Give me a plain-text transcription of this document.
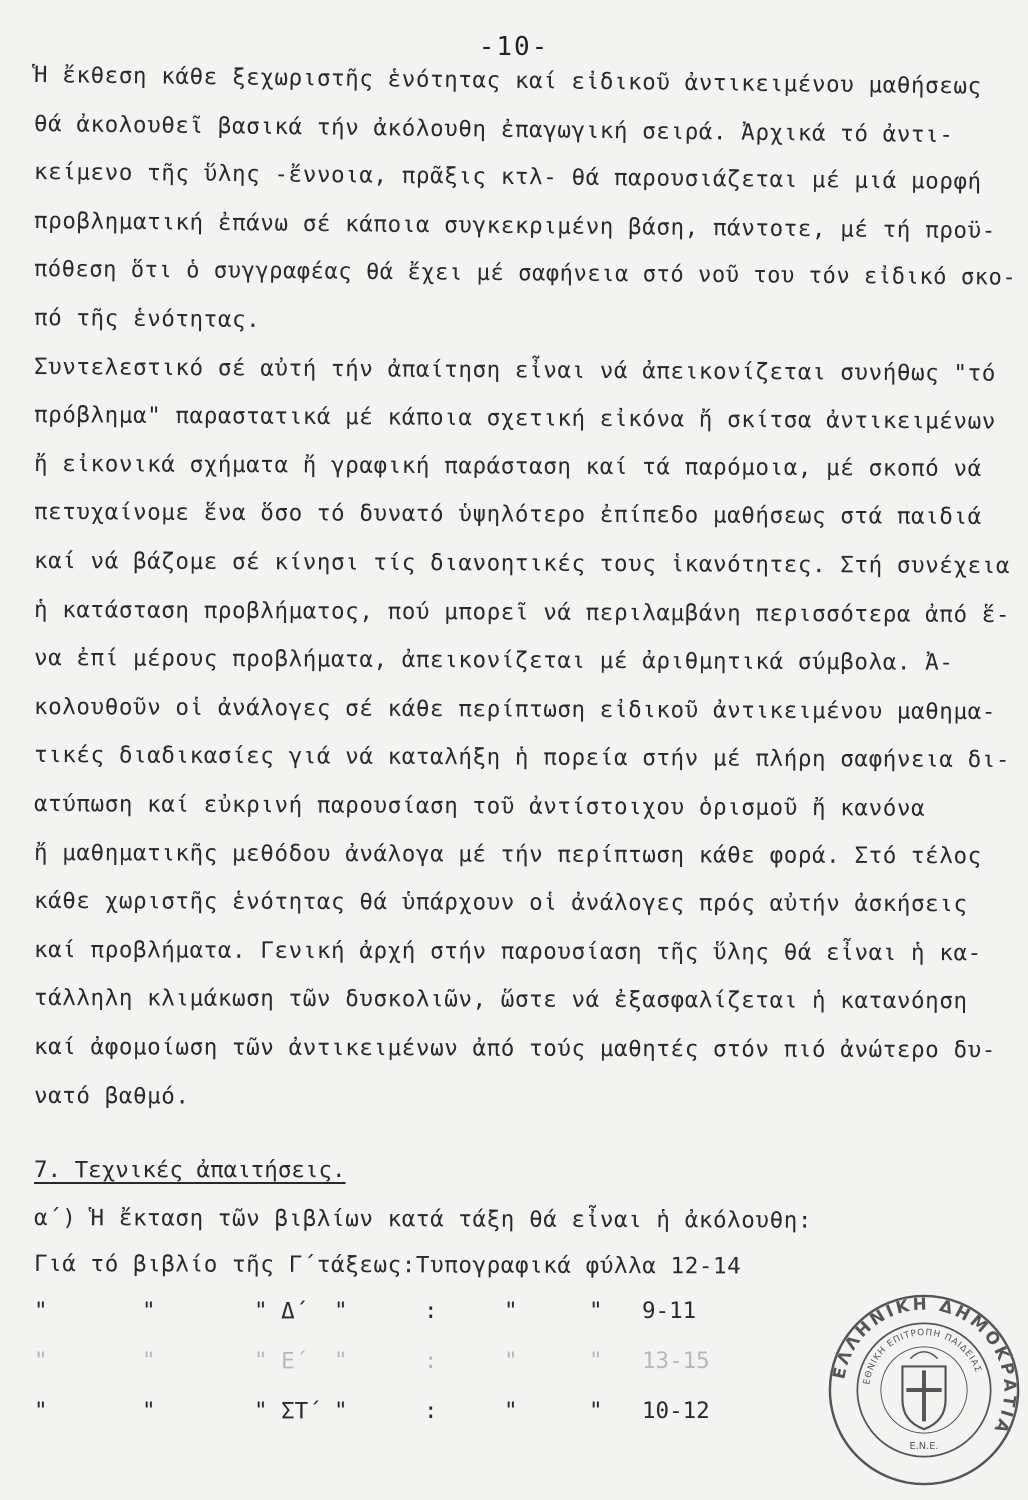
-10-
Ἡ ἔκθεση κάθε ξεχωριστῆς ἑνότητας καί εἰδικοῦ ἀντικειμένου μαθήσεως
θά ἀκολουθεῖ βασικά τήν ἀκόλουθη ἐπαγωγική σειρά. Ἀρχικά τό ἀντι-
κείμενο τῆς ὕλης -ἔννοια, πρᾶξις κτλ- θά παρουσιάζεται μέ μιά μορφή
προβληματική ἐπάνω σέ κάποια συγκεκριμένη βάση, πάντοτε, μέ τή προϋ-
πόθεση ὅτι ὁ συγγραφέας θά ἔχει μέ σαφήνεια στό νοῦ του τόν εἰδικό σκο-
πό τῆς ἑνότητας.
Συντελεστικό σέ αὐτή τήν ἀπαίτηση εἶναι νά ἀπεικονίζεται συνήθως "τό
πρόβλημα" παραστατικά μέ κάποια σχετική εἰκόνα ἤ σκίτσα ἀντικειμένων
ἤ εἰκονικά σχήματα ἤ γραφική παράσταση καί τά παρόμοια, μέ σκοπό νά
πετυχαίνομε ἕνα ὅσο τό δυνατό ὑψηλότερο ἐπίπεδο μαθήσεως στά παιδιά
καί νά βάζομε σέ κίνησι τίς διανοητικές τους ἱκανότητες. Στή συνέχεια
ἡ κατάσταση προβλήματος, πού μπορεῖ νά περιλαμβάνη περισσότερα ἀπό ἕ-
να ἐπί μέρους προβλήματα, ἀπεικονίζεται μέ ἀριθμητικά σύμβολα. Ἀ-
κολουθοῦν οἱ ἀνάλογες σέ κάθε περίπτωση εἰδικοῦ ἀντικειμένου μαθημα-
τικές διαδικασίες γιά νά καταλήξη ἡ πορεία στήν μέ πλήρη σαφήνεια δι-
ατύπωση καί εὐκρινή παρουσίαση τοῦ ἀντίστοιχου ὁρισμοῦ ἤ κανόνα
ἤ μαθηματικῆς μεθόδου ἀνάλογα μέ τήν περίπτωση κάθε φορά. Στό τέλος
κάθε χωριστῆς ἑνότητας θά ὑπάρχουν οἱ ἀνάλογες πρός αὐτήν ἀσκήσεις
καί προβλήματα. Γενική ἀρχή στήν παρουσίαση τῆς ὕλης θά εἶναι ἡ κα-
τάλληλη κλιμάκωση τῶν δυσκολιῶν, ὥστε νά ἐξασφαλίζεται ἡ κατανόηση
καί ἀφομοίωση τῶν ἀντικειμένων ἀπό τούς μαθητές στόν πιό ἀνώτερο δυ-
νατό βαθμό.
7. Τεχνικές ἀπαιτήσεις.
α΄) Ἡ ἔκταση τῶν βιβλίων κατά τάξη θά εἶναι ἡ ἀκόλουθη:
Γιά τό βιβλίο τῆς Γ΄τάξεως:Τυπογραφικά φύλλα 12-14
"	"	" Δ΄ "	:	"	" 9-11
"	"	" Ε΄ "	:	"	" 13-15
"	"	" ΣΤ΄ "	:	"	" 10-12
ΕΛΛΗΝΙΚΗ ΔΗΜΟΚΡΑΤΙΑ
ΕΘΝΙΚΗ ΕΠΙΤΡΟΠΗ ΠΑΙΔΕΙΑΣ
Ε.Ν.Ε.
